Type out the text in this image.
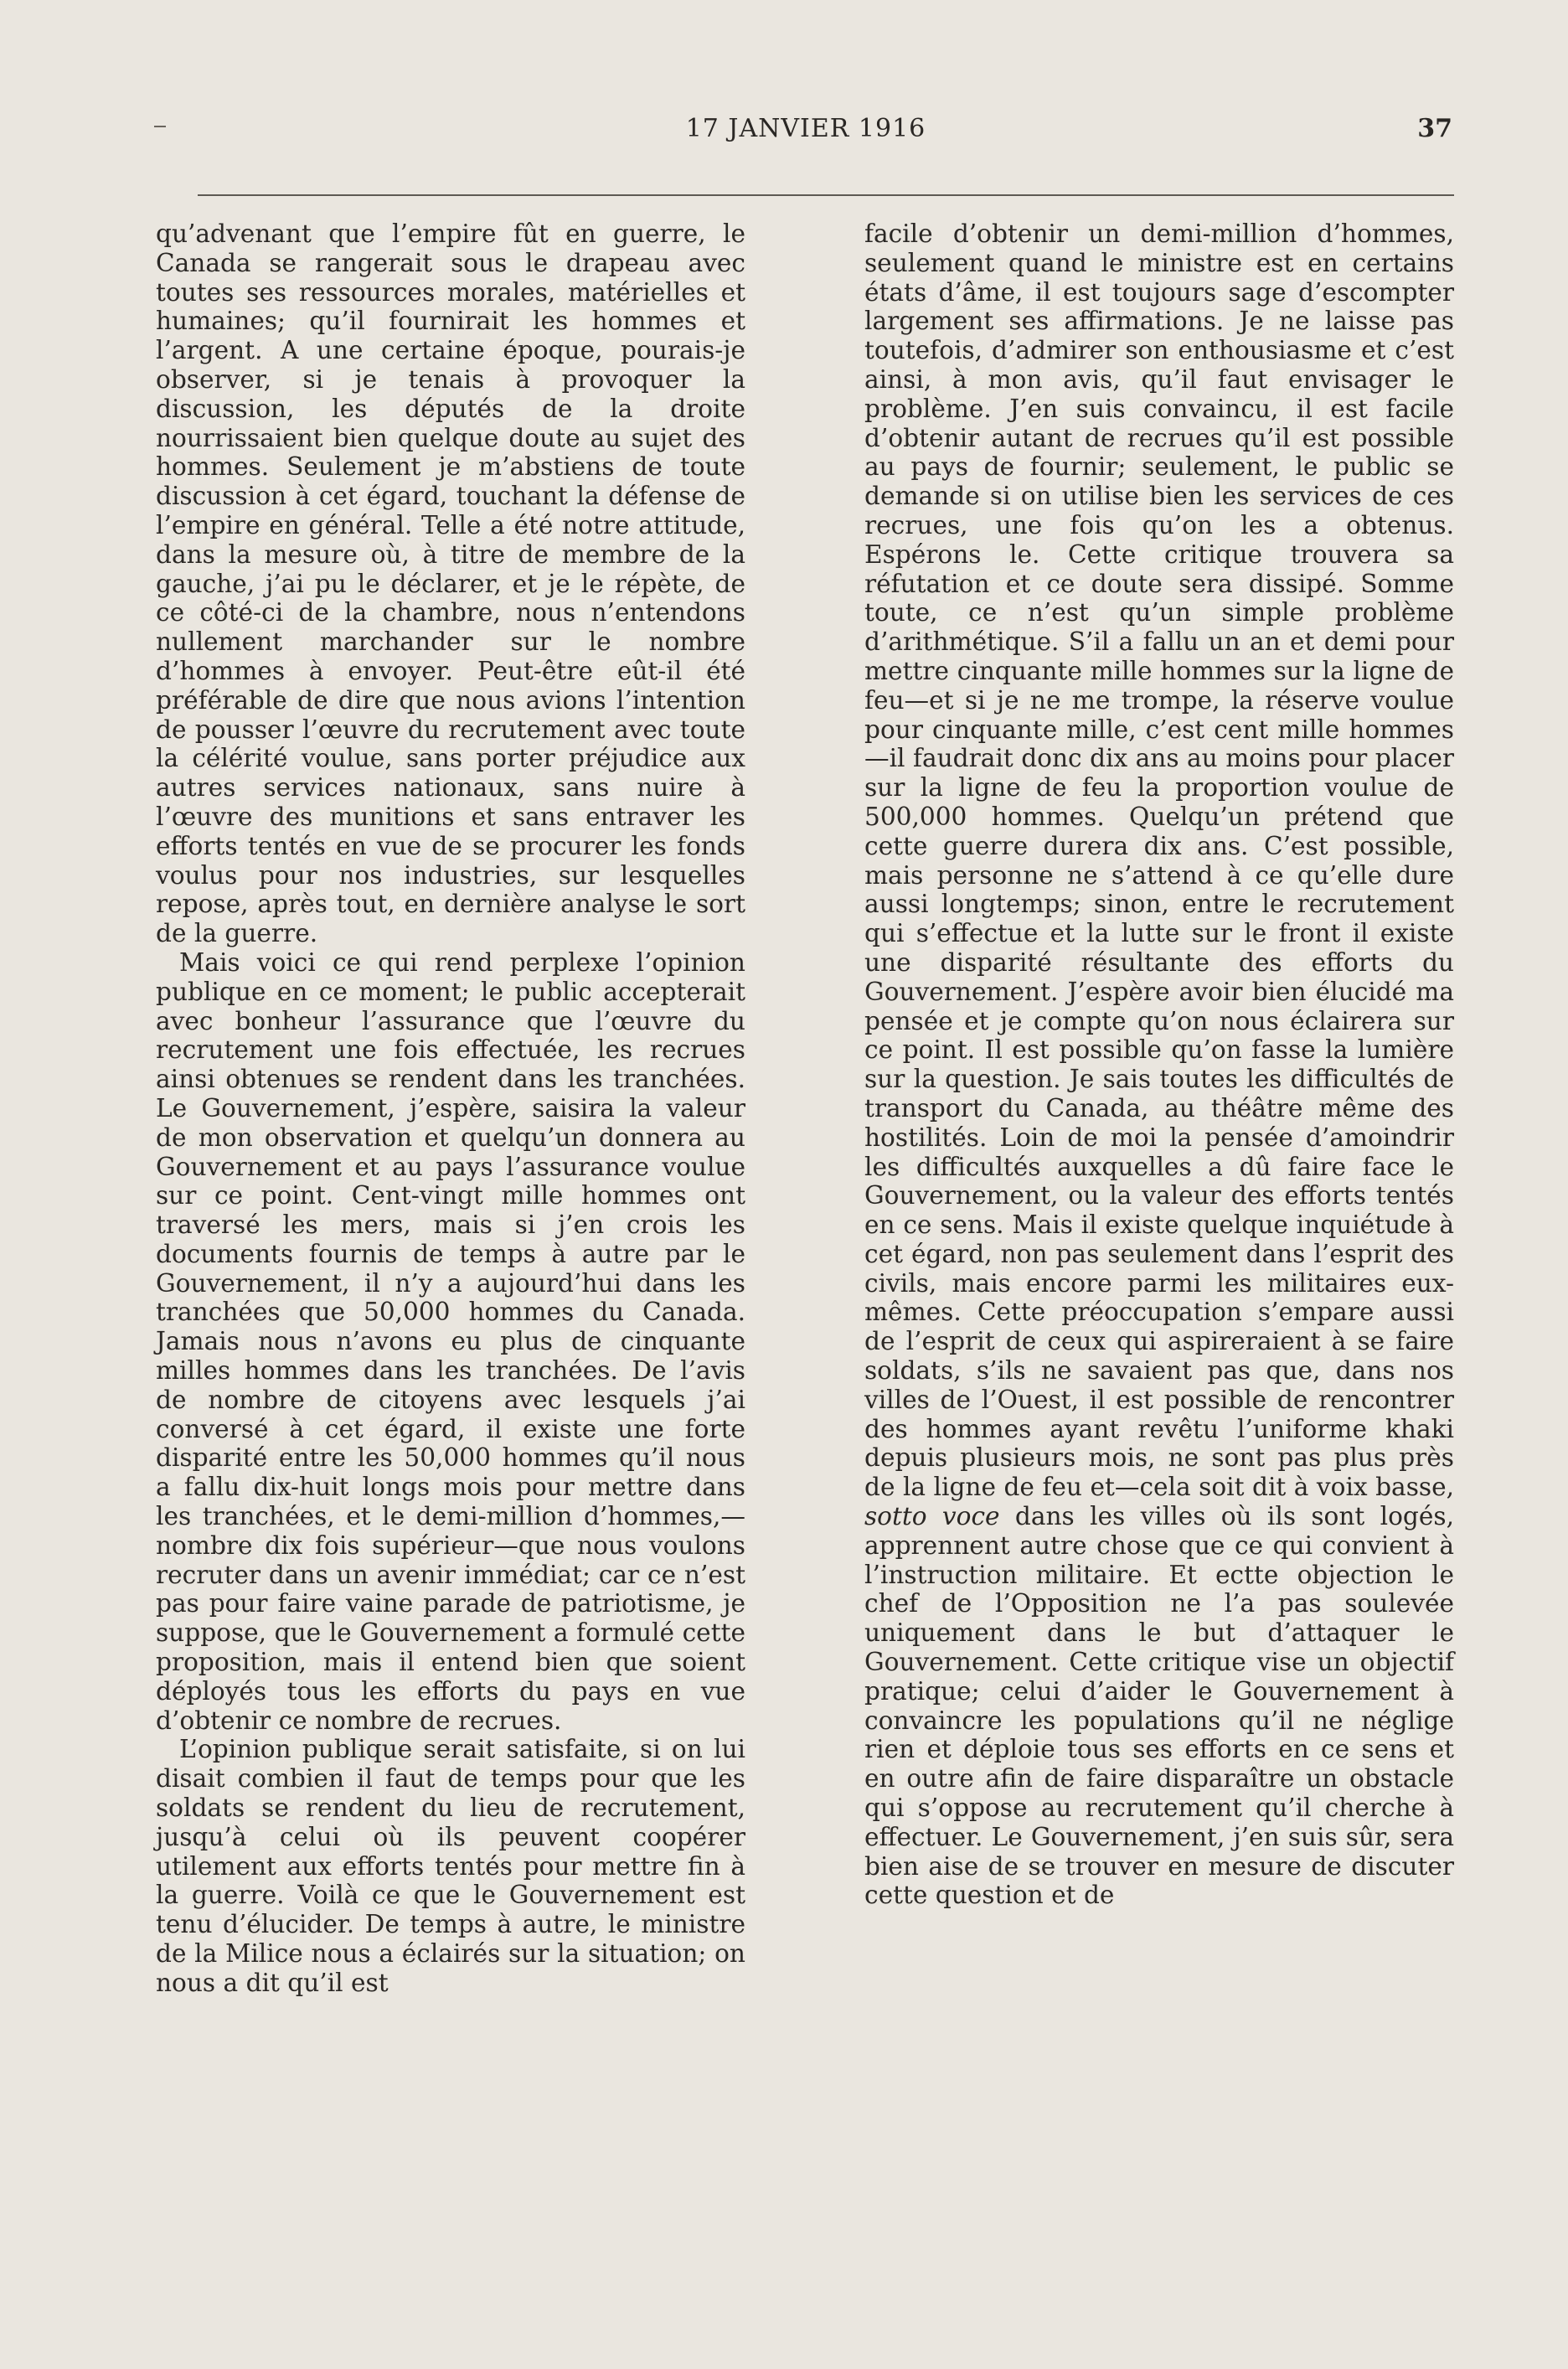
17 JANVIER 1916	37

qu’advenant que l’empire fût en guerre, le Canada se rangerait sous le drapeau avec toutes ses ressources morales, matérielles et humaines; qu’il fournirait les hommes et l’argent. A une certaine époque, pourais-je observer, si je tenais à provoquer la discussion, les députés de la droite nourrissaient bien quelque doute au sujet des hommes. Seulement je m’abstiens de toute discussion à cet égard, touchant la défense de l’empire en général. Telle a été notre attitude, dans la mesure où, à titre de membre de la gauche, j’ai pu le déclarer, et je le répète, de ce côté-ci de la chambre, nous n’entendons nullement marchander sur le nombre d’hommes à envoyer. Peut-être eût-il été préférable de dire que nous avions l’intention de pousser l’œuvre du recrutement avec toute la célérité voulue, sans porter préjudice aux autres services nationaux, sans nuire à l’œuvre des munitions et sans entraver les efforts tentés en vue de se procurer les fonds voulus pour nos industries, sur lesquelles repose, après tout, en dernière analyse le sort de la guerre.

Mais voici ce qui rend perplexe l’opinion publique en ce moment; le public accepterait avec bonheur l’assurance que l’œuvre du recrutement une fois effectuée, les recrues ainsi obtenues se rendent dans les tranchées. Le Gouvernement, j’espère, saisira la valeur de mon observation et quelqu’un donnera au Gouvernement et au pays l’assurance voulue sur ce point. Cent-vingt mille hommes ont traversé les mers, mais si j’en crois les documents fournis de temps à autre par le Gouvernement, il n’y a aujourd’hui dans les tranchées que 50,000 hommes du Canada. Jamais nous n’avons eu plus de cinquante milles hommes dans les tranchées. De l’avis de nombre de citoyens avec lesquels j’ai conversé à cet égard, il existe une forte disparité entre les 50,000 hommes qu’il nous a fallu dix-huit longs mois pour mettre dans les tranchées, et le demi-million d’hommes,—nombre dix fois supérieur—que nous voulons recruter dans un avenir immédiat; car ce n’est pas pour faire vaine parade de patriotisme, je suppose, que le Gouvernement a formulé cette proposition, mais il entend bien que soient déployés tous les efforts du pays en vue d’obtenir ce nombre de recrues.

L’opinion publique serait satisfaite, si on lui disait combien il faut de temps pour que les soldats se rendent du lieu de recrutement, jusqu’à celui où ils peuvent coopérer utilement aux efforts tentés pour mettre fin à la guerre. Voilà ce que le Gouvernement est tenu d’élucider. De temps à autre, le ministre de la Milice nous a éclairés sur la situation; on nous a dit qu’il est

facile d’obtenir un demi-million d’hommes, seulement quand le ministre est en certains états d’âme, il est toujours sage d’escompter largement ses affirmations. Je ne laisse pas toutefois, d’admirer son enthousiasme et c’est ainsi, à mon avis, qu’il faut envisager le problème. J’en suis convaincu, il est facile d’obtenir autant de recrues qu’il est possible au pays de fournir; seulement, le public se demande si on utilise bien les services de ces recrues, une fois qu’on les a obtenus. Espérons le. Cette critique trouvera sa réfutation et ce doute sera dissipé. Somme toute, ce n’est qu’un simple problème d’arithmétique. S’il a fallu un an et demi pour mettre cinquante mille hommes sur la ligne de feu—et si je ne me trompe, la réserve voulue pour cinquante mille, c’est cent mille hommes—il faudrait donc dix ans au moins pour placer sur la ligne de feu la proportion voulue de 500,000 hommes. Quelqu’un prétend que cette guerre durera dix ans. C’est possible, mais personne ne s’attend à ce qu’elle dure aussi longtemps; sinon, entre le recrutement qui s’effectue et la lutte sur le front il existe une disparité résultante des efforts du Gouvernement. J’espère avoir bien élucidé ma pensée et je compte qu’on nous éclairera sur ce point. Il est possible qu’on fasse la lumière sur la question. Je sais toutes les difficultés de transport du Canada, au théâtre même des hostilités. Loin de moi la pensée d’amoindrir les difficultés auxquelles a dû faire face le Gouvernement, ou la valeur des efforts tentés en ce sens. Mais il existe quelque inquiétude à cet égard, non pas seulement dans l’esprit des civils, mais encore parmi les militaires eux-mêmes. Cette préoccupation s’empare aussi de l’esprit de ceux qui aspireraient à se faire soldats, s’ils ne savaient pas que, dans nos villes de l’Ouest, il est possible de rencontrer des hommes ayant revêtu l’uniforme khaki depuis plusieurs mois, ne sont pas plus près de la ligne de feu et—cela soit dit à voix basse, sotto voce dans les villes où ils sont logés, apprennent autre chose que ce qui convient à l’instruction militaire. Et ectte objection le chef de l’Opposition ne l’a pas soulevée uniquement dans le but d’attaquer le Gouvernement. Cette critique vise un objectif pratique; celui d’aider le Gouvernement à convaincre les populations qu’il ne néglige rien et déploie tous ses efforts en ce sens et en outre afin de faire disparaître un obstacle qui s’oppose au recrutement qu’il cherche à effectuer. Le Gouvernement, j’en suis sûr, sera bien aise de se trouver en mesure de discuter cette question et de
